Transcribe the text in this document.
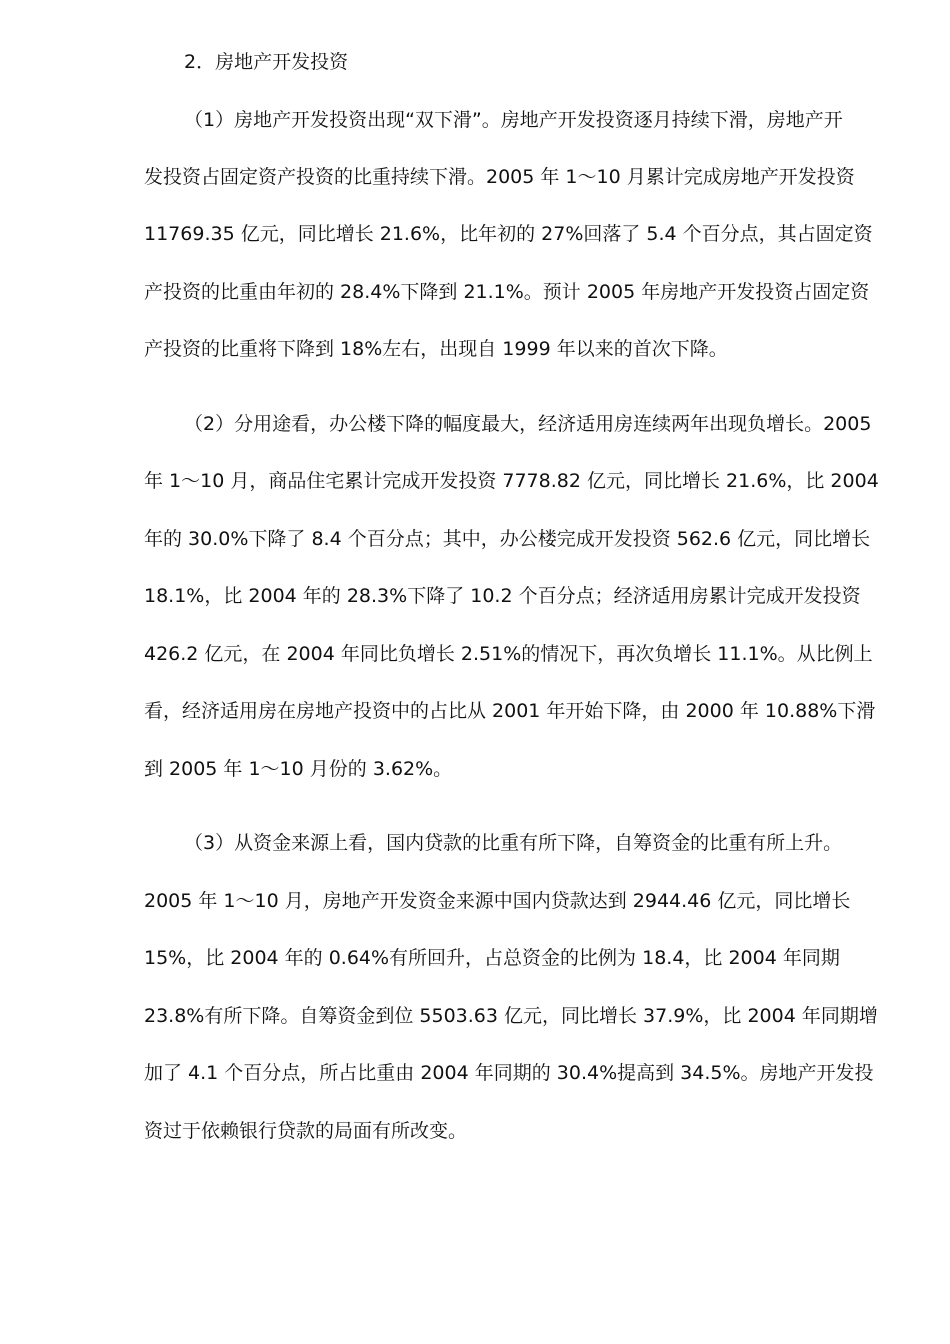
2．房地产开发投资
（1）房地产开发投资出现“双下滑”。房地产开发投资逐月持续下滑，房地产开
发投资占固定资产投资的比重持续下滑。2005 年 1～10 月累计完成房地产开发投资
11769.35 亿元，同比增长 21.6%，比年初的 27%回落了 5.4 个百分点，其占固定资
产投资的比重由年初的 28.4%下降到 21.1%。预计 2005 年房地产开发投资占固定资
产投资的比重将下降到 18%左右，出现自 1999 年以来的首次下降。
（2）分用途看，办公楼下降的幅度最大，经济适用房连续两年出现负增长。2005
年 1～10 月，商品住宅累计完成开发投资 7778.82 亿元，同比增长 21.6%，比 2004
年的 30.0%下降了 8.4 个百分点；其中，办公楼完成开发投资 562.6 亿元，同比增长
18.1%，比 2004 年的 28.3%下降了 10.2 个百分点；经济适用房累计完成开发投资
426.2 亿元，在 2004 年同比负增长 2.51%的情况下，再次负增长 11.1%。从比例上
看，经济适用房在房地产投资中的占比从 2001 年开始下降，由 2000 年 10.88%下滑
到 2005 年 1～10 月份的 3.62%。
（3）从资金来源上看，国内贷款的比重有所下降，自筹资金的比重有所上升。
2005 年 1～10 月，房地产开发资金来源中国内贷款达到 2944.46 亿元，同比增长
15%，比 2004 年的 0.64%有所回升，占总资金的比例为 18.4，比 2004 年同期
23.8%有所下降。自筹资金到位 5503.63 亿元，同比增长 37.9%，比 2004 年同期增
加了 4.1 个百分点，所占比重由 2004 年同期的 30.4%提高到 34.5%。房地产开发投
资过于依赖银行贷款的局面有所改变。
